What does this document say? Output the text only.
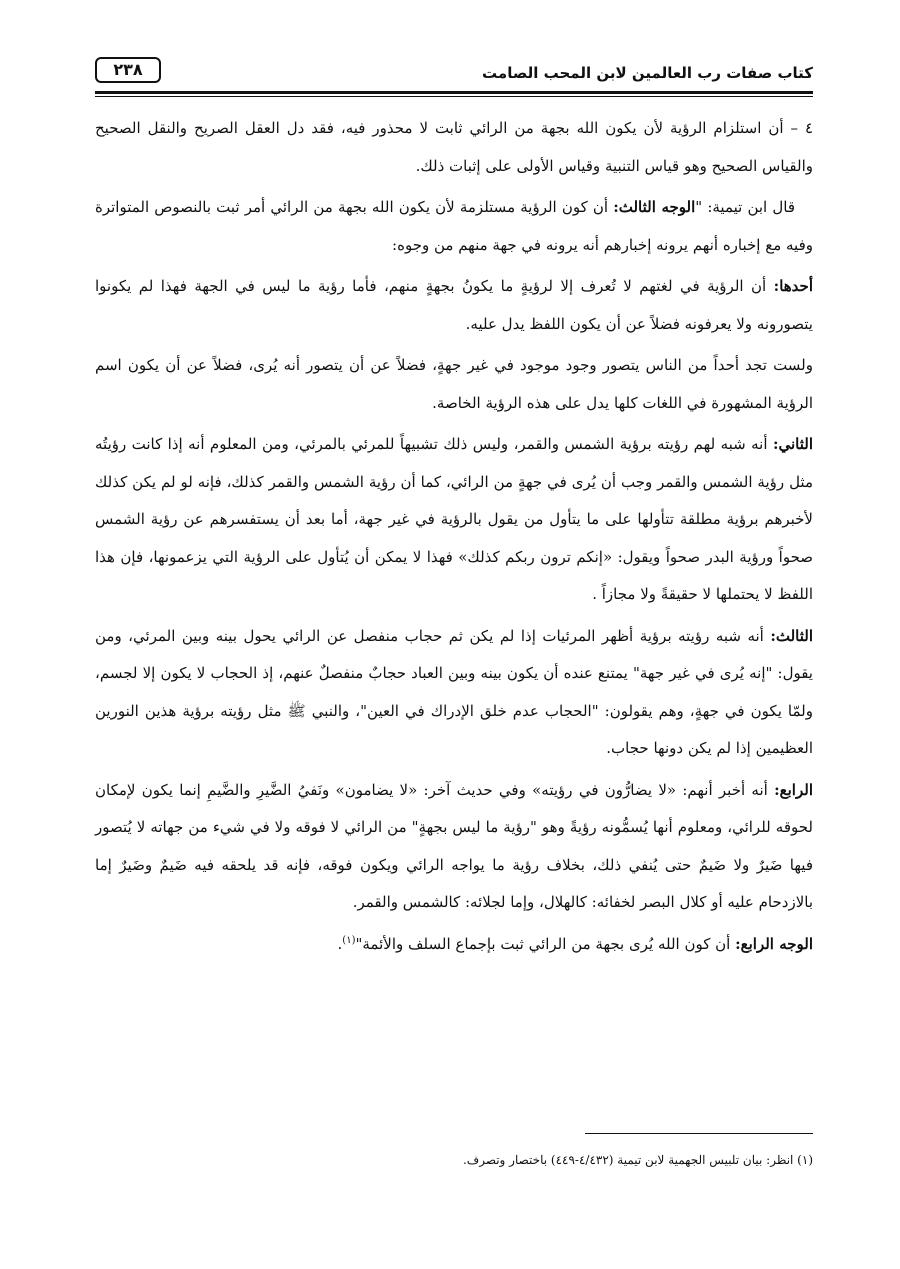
كتاب صفات رب العالمين لابن المحب الصامت
٢٣٨

٤ – أن استلزام الرؤية لأن يكون الله بجهة من الرائي ثابت لا محذور فيه، فقد دل العقل الصريح والنقل الصحيح والقياس الصحيح وهو قياس التنبية وقياس الأولى على إثبات ذلك.

قال ابن تيمية: "الوجه الثالث: أن كون الرؤية مستلزمة لأن يكون الله بجهة من الرائي أمر ثبت بالنصوص المتواترة وفيه مع إخباره أنهم يرونه إخبارهم أنه يرونه في جهة منهم من وجوه:

أحدها: أن الرؤية في لغتهم لا تُعرف إلا لرؤيةٍ ما يكونُ بجهةٍ منهم، فأما رؤية ما ليس في الجهة فهذا لم يكونوا يتصورونه ولا يعرفونه فضلاً عن أن يكون اللفظ يدل عليه.

ولست تجد أحداً من الناس يتصور وجود موجود في غير جهةٍ، فضلاً عن أن يتصور أنه يُرى، فضلاً عن أن يكون اسم الرؤية المشهورة في اللغات كلها يدل على هذه الرؤية الخاصة.

الثاني: أنه شبه لهم رؤيته برؤية الشمس والقمر، وليس ذلك تشبيهاً للمرئي بالمرئي، ومن المعلوم أنه إذا كانت رؤيتُه مثل رؤية الشمس والقمر وجب أن يُرى في جهةٍ من الرائي، كما أن رؤية الشمس والقمر كذلك، فإنه لو لم يكن كذلك لأخبرهم برؤية مطلقة تتأولها على ما يتأول من يقول بالرؤية في غير جهة، أما بعد أن يستفسرهم عن رؤية الشمس صحواً ورؤية البدر صحواً ويقول: «إنكم ترون ربكم كذلك» فهذا لا يمكن أن يُتأول على الرؤية التي يزعمونها، فإن هذا اللفظ لا يحتملها لا حقيقةً ولا مجازاً .

الثالث: أنه شبه رؤيته برؤية أظهر المرئيات إذا لم يكن ثم حجاب منفصل عن الرائي يحول بينه وبين المرئي، ومن يقول: "إنه يُرى في غير جهة" يمتنع عنده أن يكون بينه وبين العباد حجابٌ منفصلٌ عنهم، إذ الحجاب لا يكون إلا لجسم، ولمّا يكون في جهةٍ، وهم يقولون: "الحجاب عدم خلق الإدراك في العين"، والنبي ﷺ مثل رؤيته برؤية هذين النورين العظيمين إذا لم يكن دونها حجاب.

الرابع: أنه أخبر أنهم: «لا يضارُّون في رؤيته» وفي حديث آخر: «لا يضامون» ونَفيُ الضَّيرِ والضَّيمِ إنما يكون لإمكان لحوقه للرائي، ومعلوم أنها يُسمُّونه رؤيةً وهو "رؤية ما ليس بجهةٍ" من الرائي لا فوقه ولا في شيء من جهاته لا يُتصور فيها ضَيرٌ ولا ضَيمٌ حتى يُنفي ذلك، بخلاف رؤية ما يواجه الرائي ويكون فوقه، فإنه قد يلحقه فيه ضَيمٌ وضَيرٌ إما بالازدحام عليه أو كلال البصر لخفائه: كالهلال، وإما لجلائه: كالشمس والقمر.

الوجه الرابع: أن كون الله يُرى بجهة من الرائي ثبت بإجماع السلف والأئمة"$^{(١)}$.

(١) انظر: بيان تلبيس الجهمية لابن تيمية (٤/٤٣٢-٤٤٩) باختصار وتصرف.
